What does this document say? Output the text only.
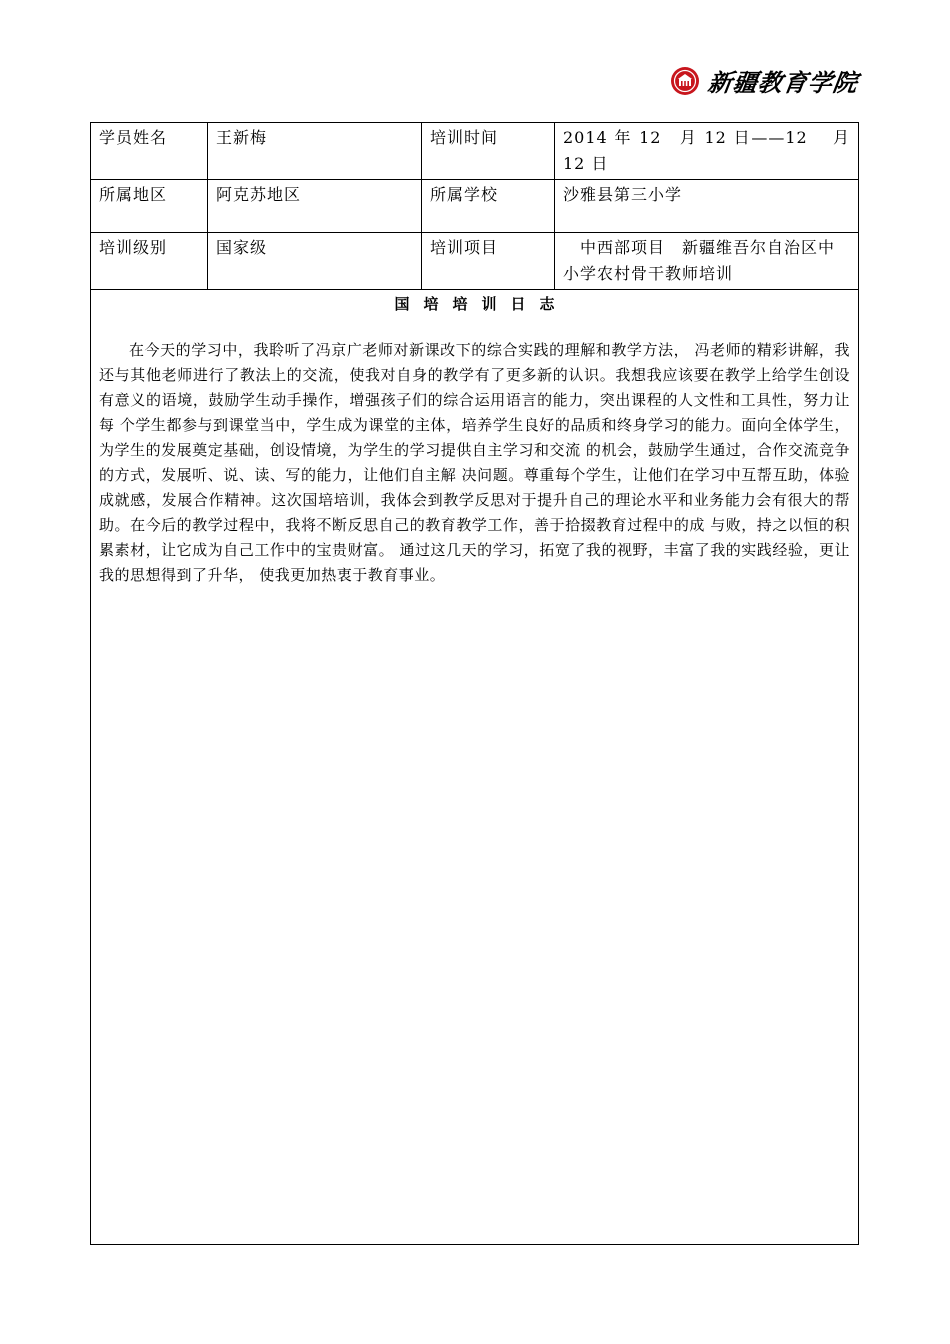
新疆教育学院
学员姓名	王新梅	培训时间	2014 年 12　月 12 日——12　 月　12 日
所属地区	阿克苏地区	所属学校	沙雅县第三小学
培训级别	国家级	培训项目	　中西部项目　新疆维吾尔自治区中小学农村骨干教师培训

国培培训日志
在今天的学习中，我聆听了冯京广老师对新课改下的综合实践的理解和教学方法， 冯老师的精彩讲解，我还与其他老师进行了教法上的交流，使我对自身的教学有了更多新的认识。我想我应该要在教学上给学生创设有意义的语境，鼓励学生动手操作，增强孩子们的综合运用语言的能力，突出课程的人文性和工具性，努力让每 个学生都参与到课堂当中，学生成为课堂的主体，培养学生良好的品质和终身学习的能力。面向全体学生，为学生的发展奠定基础，创设情境，为学生的学习提供自主学习和交流 的机会，鼓励学生通过，合作交流竞争的方式，发展听、说、读、写的能力，让他们自主解 决问题。尊重每个学生，让他们在学习中互帮互助，体验成就感，发展合作精神。这次国培培训，我体会到教学反思对于提升自己的理论水平和业务能力会有很大的帮助。在今后的教学过程中，我将不断反思自己的教育教学工作，善于拾掇教育过程中的成 与败，持之以恒的积累素材，让它成为自己工作中的宝贵财富。 通过这几天的学习，拓宽了我的视野，丰富了我的实践经验，更让我的思想得到了升华， 使我更加热衷于教育事业。			
